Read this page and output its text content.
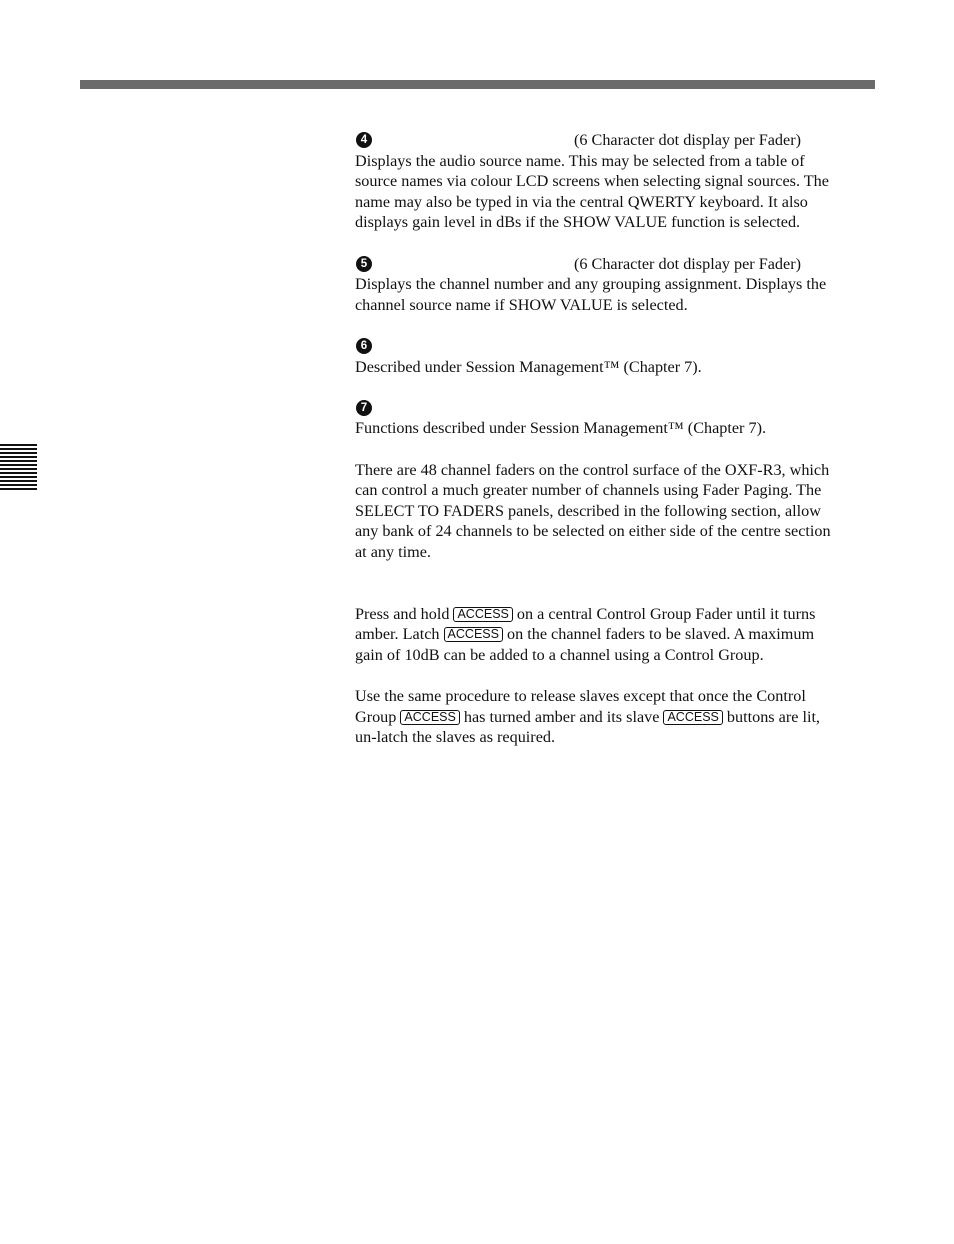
4	(6 Character dot display per Fader)
Displays the audio source name. This may be selected from a table of
source names via colour LCD screens when selecting signal sources. The
name may also be typed in via the central QWERTY keyboard. It also
displays gain level in dBs if the SHOW VALUE function is selected.
5	(6 Character dot display per Fader)
Displays the channel number and any grouping assignment. Displays the
channel source name if SHOW VALUE is selected.
6
Described under Session Management™ (Chapter 7).
7
Functions described under Session Management™ (Chapter 7).
There are 48 channel faders on the control surface of the OXF-R3, which
can control a much greater number of channels using Fader Paging. The
SELECT TO FADERS panels, described in the following section, allow
any bank of 24 channels to be selected on either side of the centre section
at any time.
Press and hold ACCESS on a central Control Group Fader until it turns
amber. Latch ACCESS on the channel faders to be slaved. A maximum
gain of 10dB can be added to a channel using a Control Group.
Use the same procedure to release slaves except that once the Control
Group ACCESS has turned amber and its slave ACCESS buttons are lit,
un-latch the slaves as required.
